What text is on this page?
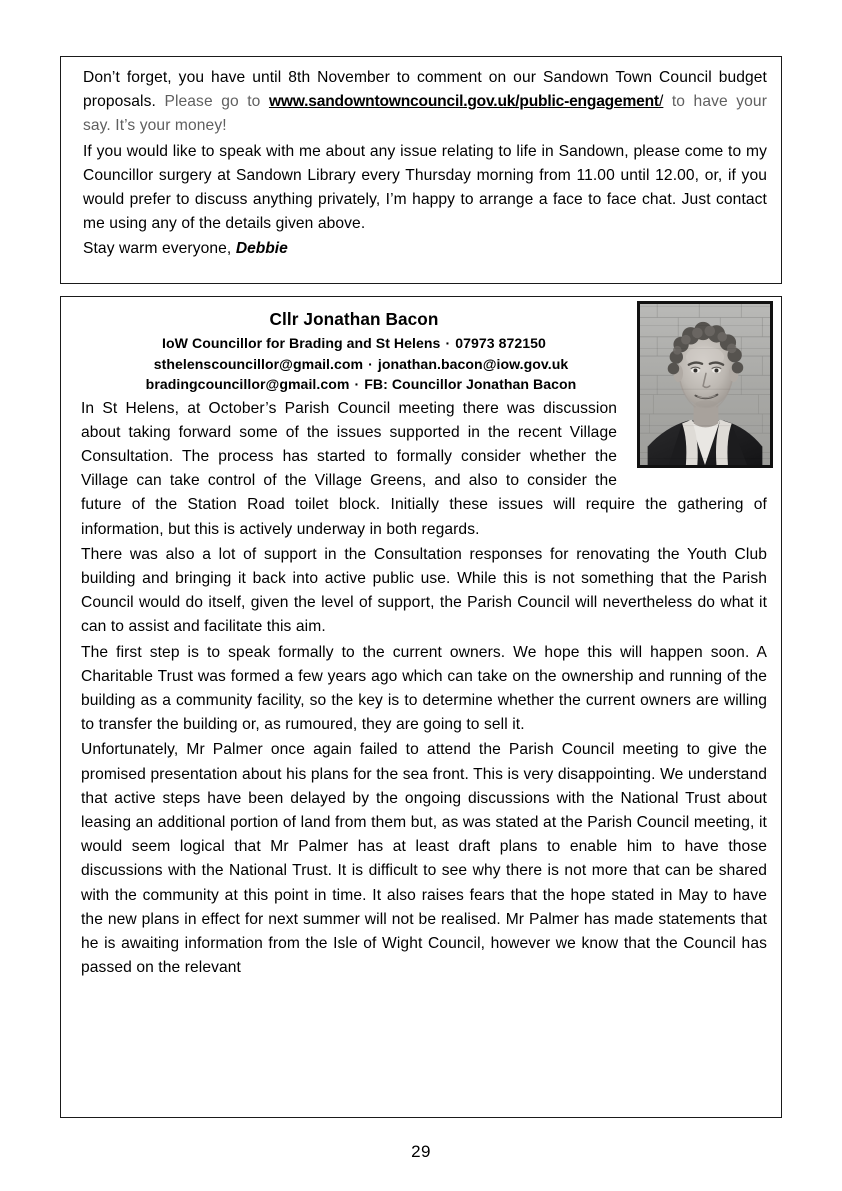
Don’t forget, you have until 8th November to comment on our Sandown Town Council budget proposals. Please go to www.sandowntowncouncil.gov.uk/public-engagement/ to have your say. It’s your money!

If you would like to speak with me about any issue relating to life in Sandown, please come to my Councillor surgery at Sandown Library every Thursday morning from 11.00 until 12.00, or, if you would prefer to discuss anything privately, I’m happy to arrange a face to face chat. Just contact me using any of the details given above.

Stay warm everyone, Debbie

Cllr Jonathan Bacon
IoW Councillor for Brading and St Helens · 07973 872150
sthelenscouncillor@gmail.com · jonathan.bacon@iow.gov.uk
bradingcouncillor@gmail.com · FB: Councillor Jonathan Bacon

In St Helens, at October’s Parish Council meeting there was discussion about taking forward some of the issues supported in the recent Village Consultation. The process has started to formally consider whether the Village can take control of the Village Greens, and also to consider the future of the Station Road toilet block. Initially these issues will require the gathering of information, but this is actively underway in both regards.

There was also a lot of support in the Consultation responses for renovating the Youth Club building and bringing it back into active public use. While this is not something that the Parish Council would do itself, given the level of support, the Parish Council will nevertheless do what it can to assist and facilitate this aim.

The first step is to speak formally to the current owners. We hope this will happen soon. A Charitable Trust was formed a few years ago which can take on the ownership and running of the building as a community facility, so the key is to determine whether the current owners are willing to transfer the building or, as rumoured, they are going to sell it.

Unfortunately, Mr Palmer once again failed to attend the Parish Council meeting to give the promised presentation about his plans for the sea front. This is very disappointing. We understand that active steps have been delayed by the ongoing discussions with the National Trust about leasing an additional portion of land from them but, as was stated at the Parish Council meeting, it would seem logical that Mr Palmer has at least draft plans to enable him to have those discussions with the National Trust. It is difficult to see why there is not more that can be shared with the community at this point in time. It also raises fears that the hope stated in May to have the new plans in effect for next summer will not be realised. Mr Palmer has made statements that he is awaiting information from the Isle of Wight Council, however we know that the Council has passed on the relevant

29
